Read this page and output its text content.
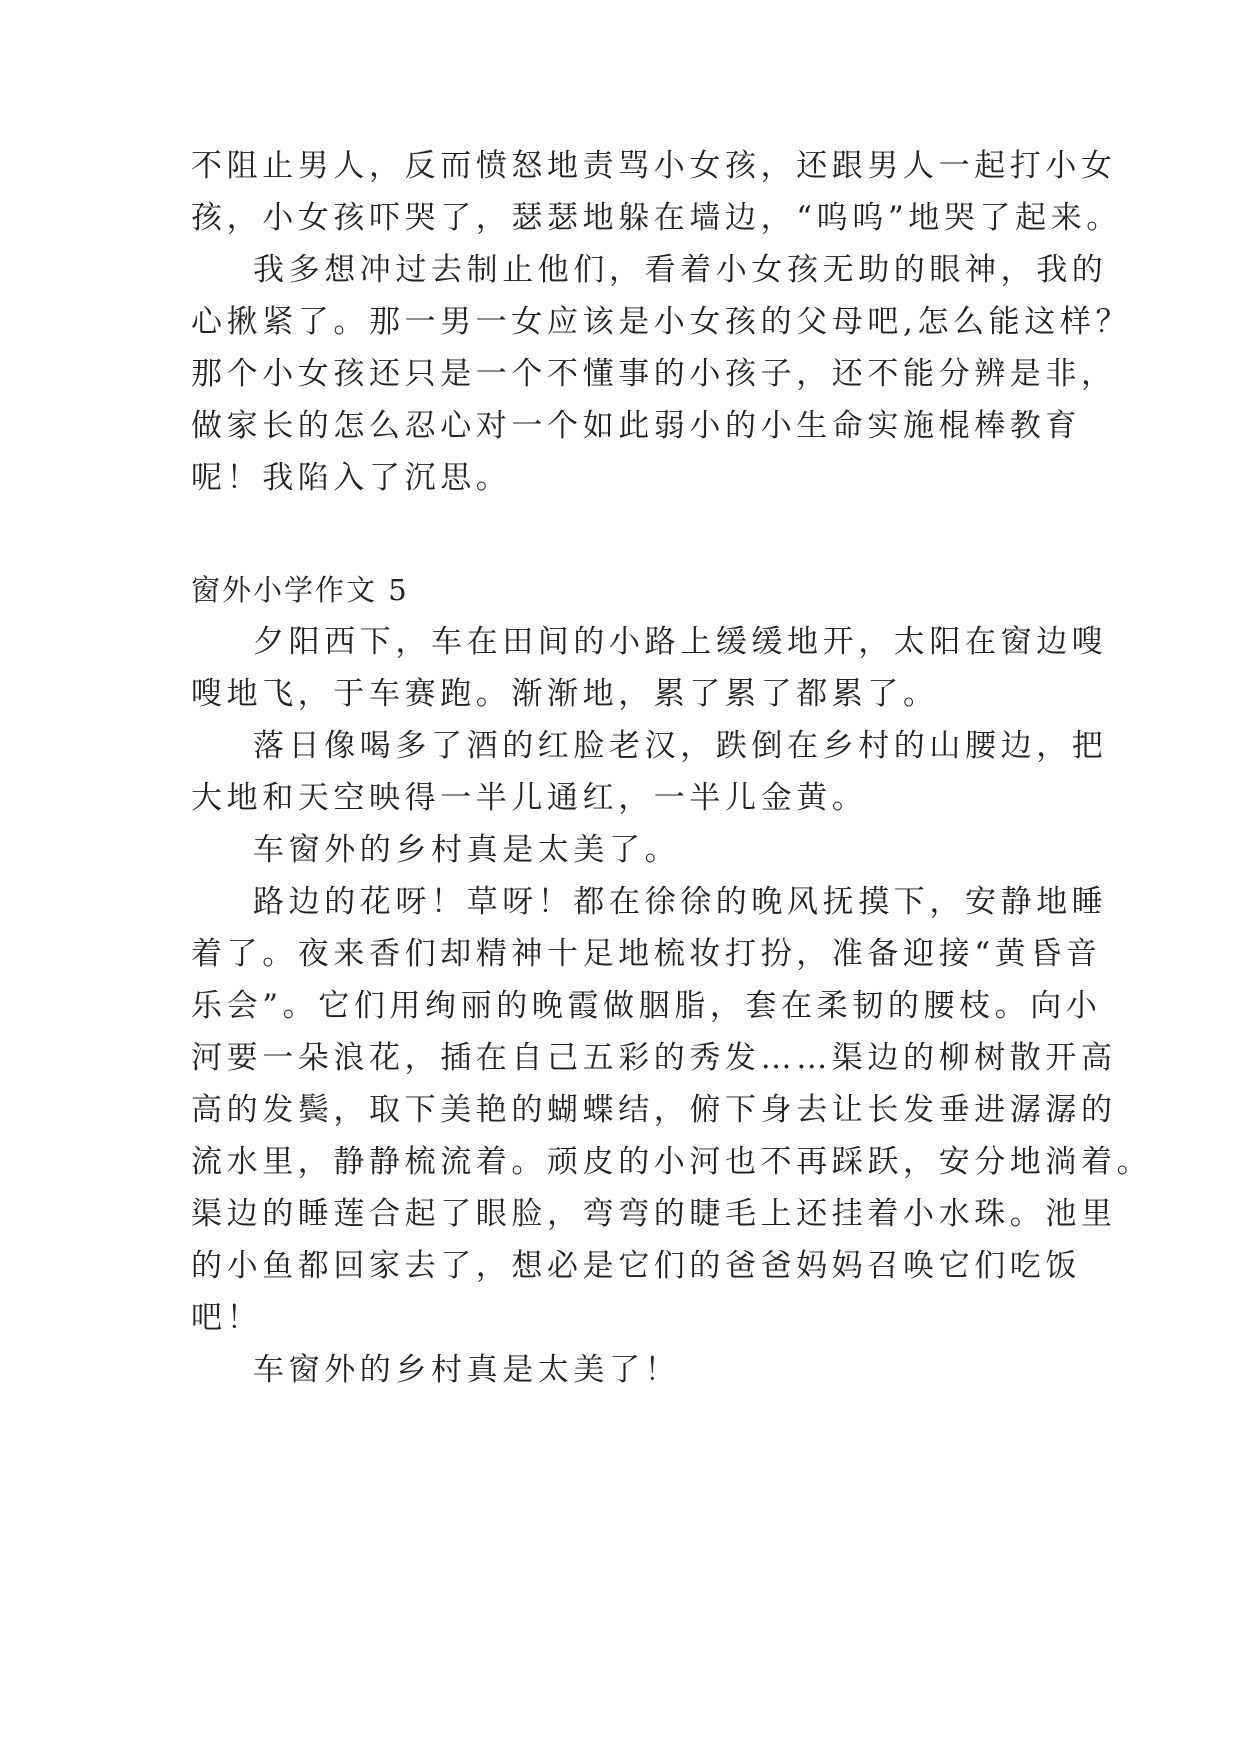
不阻止男人，反而愤怒地责骂小女孩，还跟男人一起打小女
孩，小女孩吓哭了，瑟瑟地躲在墙边，“呜呜”地哭了起来。
我多想冲过去制止他们，看着小女孩无助的眼神，我的
心揪紧了。那一男一女应该是小女孩的父母吧,怎么能这样？
那个小女孩还只是一个不懂事的小孩子，还不能分辨是非，
做家长的怎么忍心对一个如此弱小的小生命实施棍棒教育
呢！我陷入了沉思。
窗外小学作文 5
夕阳西下，车在田间的小路上缓缓地开，太阳在窗边嗖
嗖地飞，于车赛跑。渐渐地，累了累了都累了。
落日像喝多了酒的红脸老汉，跌倒在乡村的山腰边，把
大地和天空映得一半儿通红，一半儿金黄。
车窗外的乡村真是太美了。
路边的花呀！草呀！都在徐徐的晚风抚摸下，安静地睡
着了。夜来香们却精神十足地梳妆打扮，准备迎接“黄昏音
乐会”。它们用绚丽的晚霞做胭脂，套在柔韧的腰枝。向小
河要一朵浪花，插在自己五彩的秀发……渠边的柳树散开高
高的发鬓，取下美艳的蝴蝶结，俯下身去让长发垂进潺潺的
流水里，静静梳流着。顽皮的小河也不再踩跃，安分地淌着。
渠边的睡莲合起了眼脸，弯弯的睫毛上还挂着小水珠。池里
的小鱼都回家去了，想必是它们的爸爸妈妈召唤它们吃饭
吧！
车窗外的乡村真是太美了！
